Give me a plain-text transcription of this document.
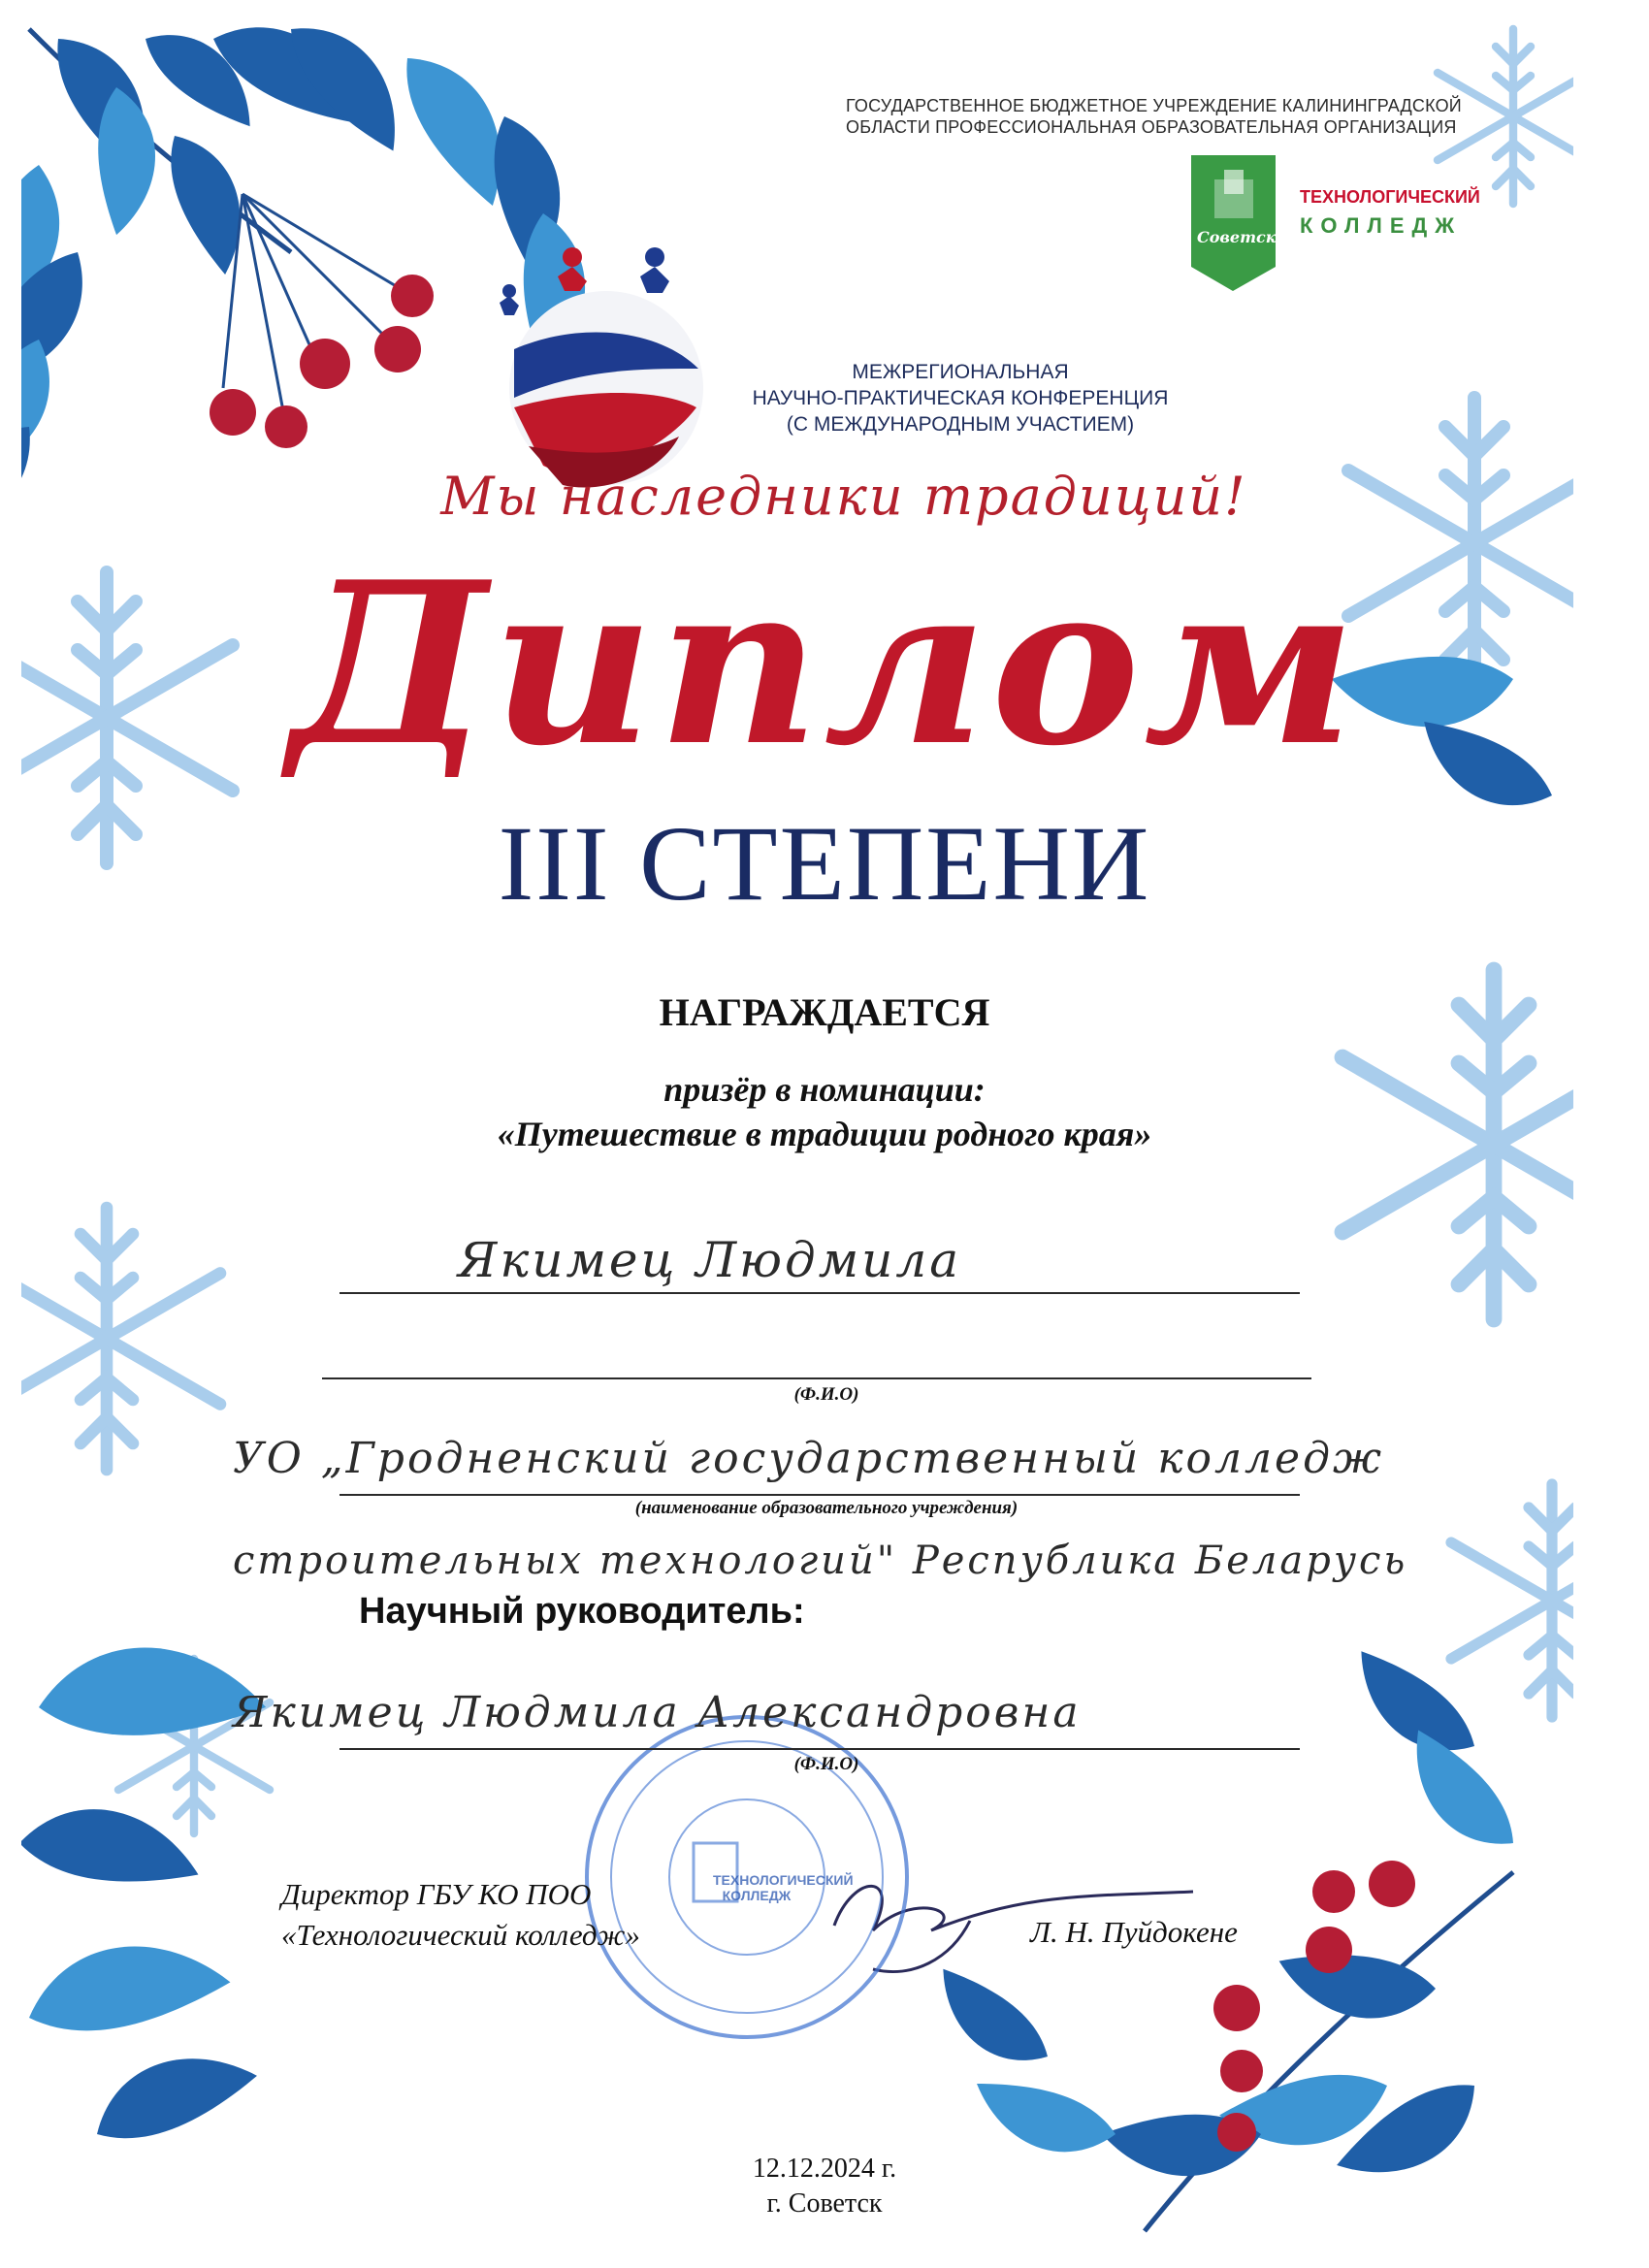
ТЕХНОЛОГИЧЕСКИЙ
КОЛЛЕДЖ
ГОСУДАРСТВЕННОЕ БЮДЖЕТНОЕ УЧРЕЖДЕНИЕ КАЛИНИНГРАДСКОЙ
ОБЛАСТИ ПРОФЕССИОНАЛЬНАЯ ОБРАЗОВАТЕЛЬНАЯ ОРГАНИЗАЦИЯ
Советск
ТЕХНОЛОГИЧЕСКИЙ
КОЛЛЕДЖ
МЕЖРЕГИОНАЛЬНАЯ
НАУЧНО-ПРАКТИЧЕСКАЯ КОНФЕРЕНЦИЯ
(С МЕЖДУНАРОДНЫМ УЧАСТИЕМ)
Мы наследники традиций!
Диплом
III СТЕПЕНИ
НАГРАЖДАЕТСЯ
призёр в номинации:
«Путешествие в традиции родного края»
Якимец Людмила
(Ф.И.О)
УО „Гродненский государственный колледж
(наименование образовательного учреждения)
строительных технологий" Республика Беларусь
Научный руководитель:
Якимец Людмила Александровна
(Ф.И.О)
Директор ГБУ КО ПОО
«Технологический колледж»	Л. Н. Пуйдокене
12.12.2024 г.
г. Советск
